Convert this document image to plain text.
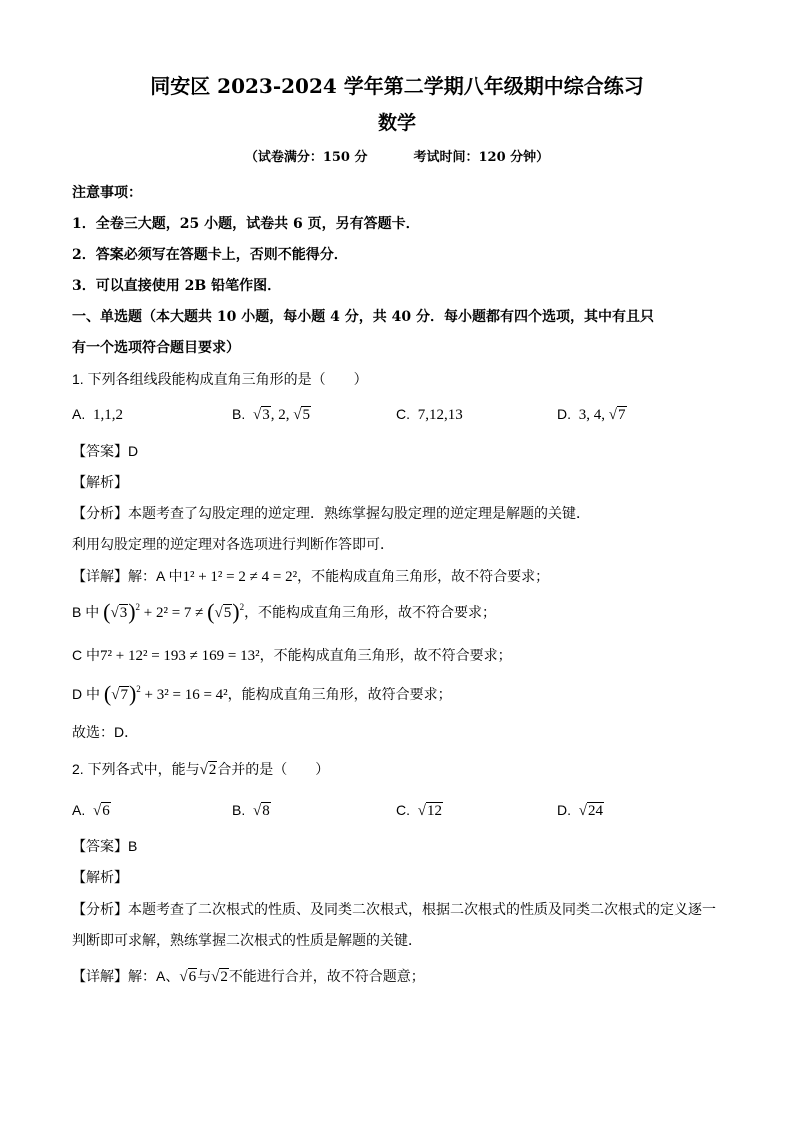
同安区 2023-2024 学年第二学期八年级期中综合练习
数学
（试卷满分：150 分	考试时间：120 分钟）
注意事项：
1．全卷三大题，25 小题，试卷共 6 页，另有答题卡．
2．答案必须写在答题卡上，否则不能得分．
3．可以直接使用 2B 铅笔作图．
一、单选题（本大题共 10 小题，每小题 4 分，共 40 分．每小题都有四个选项，其中有且只
有一个选项符合题目要求）
1. 下列各组线段能构成直角三角形的是（　　）
A. 1,1,2	B. √3, 2, √5	C. 7,12,13	D. 3, 4, √7
【答案】D
【解析】
【分析】本题考查了勾股定理的逆定理．熟练掌握勾股定理的逆定理是解题的关键．
利用勾股定理的逆定理对各选项进行判断作答即可．
【详解】解：A 中1² + 1² = 2 ≠ 4 = 2²，不能构成直角三角形，故不符合要求；
B 中 $(√3)^2 + 2^2 = 7 \ne (√5)^2$，不能构成直角三角形，故不符合要求；
C 中7² + 12² = 193 ≠ 169 = 13²，不能构成直角三角形，故不符合要求；
D 中 $(√7)^2 + 3^2 = 16 = 4^2$，能构成直角三角形，故符合要求；
故选：D．
2. 下列各式中，能与√2合并的是（　　）
A. √6	B. √8	C. √12	D. √24
【答案】B
【解析】
【分析】本题考查了二次根式的性质、及同类二次根式，根据二次根式的性质及同类二次根式的定义逐一
判断即可求解，熟练掌握二次根式的性质是解题的关键．
【详解】解：A、√6与√2不能进行合并，故不符合题意；
